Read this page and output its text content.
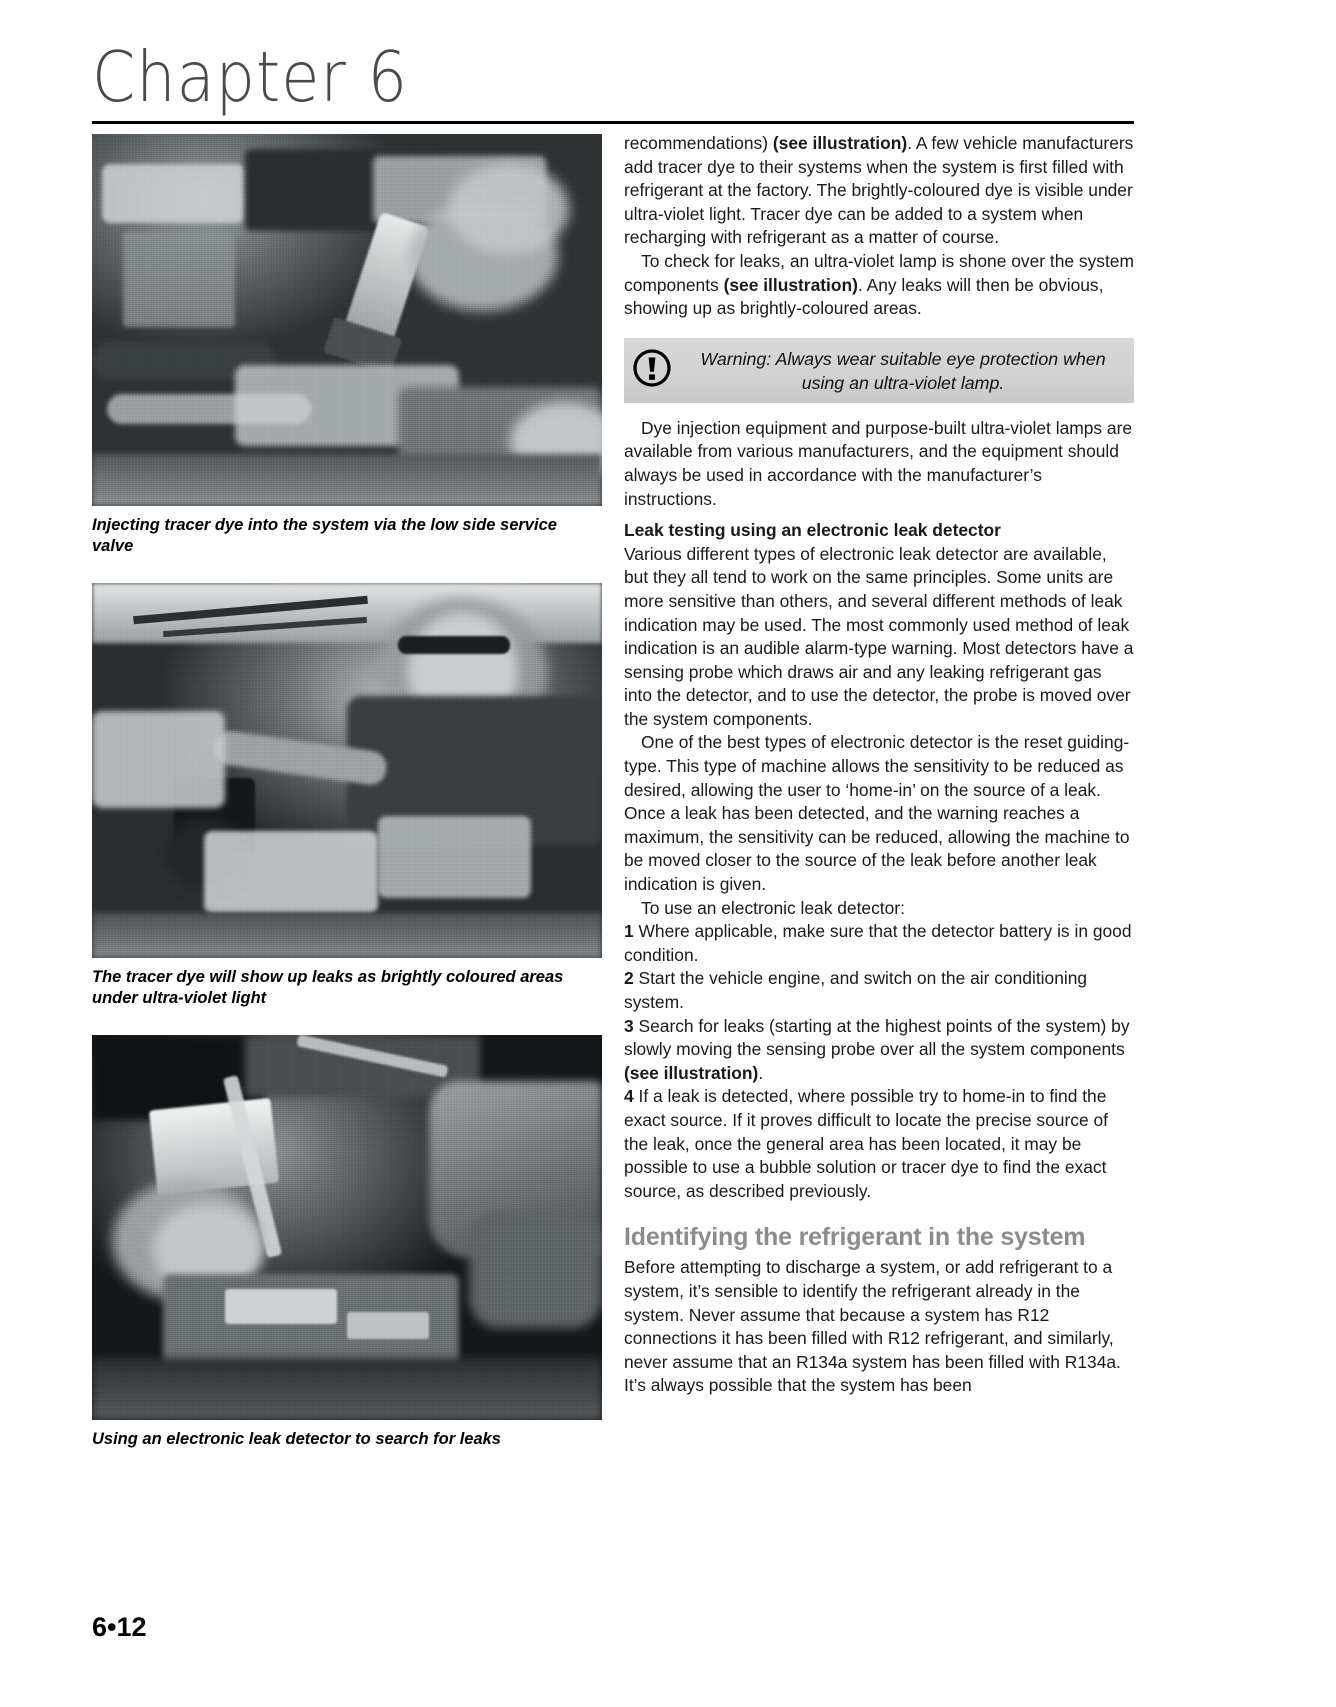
Chapter 6
Injecting tracer dye into the system via the low side service valve
The tracer dye will show up leaks as brightly coloured areas under ultra-violet light
Using an electronic leak detector to search for leaks

recommendations) (see illustration). A few vehicle manufacturers add tracer dye to their systems when the system is first filled with refrigerant at the factory. The brightly-coloured dye is visible under ultra-violet light. Tracer dye can be added to a system when recharging with refrigerant as a matter of course.

To check for leaks, an ultra-violet lamp is shone over the system components (see illustration). Any leaks will then be obvious, showing up as brightly-coloured areas.

Warning: Always wear suitable eye protection when using an ultra-violet lamp.

Dye injection equipment and purpose-built ultra-violet lamps are available from various manufacturers, and the equipment should always be used in accordance with the manufacturer’s instructions.

Leak testing using an electronic leak detector

Various different types of electronic leak detector are available, but they all tend to work on the same principles. Some units are more sensitive than others, and several different methods of leak indication may be used. The most commonly used method of leak indication is an audible alarm-type warning. Most detectors have a sensing probe which draws air and any leaking refrigerant gas into the detector, and to use the detector, the probe is moved over the system components.

One of the best types of electronic detector is the reset guiding-type. This type of machine allows the sensitivity to be reduced as desired, allowing the user to ‘home-in’ on the source of a leak. Once a leak has been detected, and the warning reaches a maximum, the sensitivity can be reduced, allowing the machine to be moved closer to the source of the leak before another leak indication is given.

To use an electronic leak detector:

1 Where applicable, make sure that the detector battery is in good condition.

2 Start the vehicle engine, and switch on the air conditioning system.

3 Search for leaks (starting at the highest points of the system) by slowly moving the sensing probe over all the system components (see illustration).

4 If a leak is detected, where possible try to home-in to find the exact source. If it proves difficult to locate the precise source of the leak, once the general area has been located, it may be possible to use a bubble solution or tracer dye to find the exact source, as described previously.

Identifying the refrigerant in the system

Before attempting to discharge a system, or add refrigerant to a system, it’s sensible to identify the refrigerant already in the system. Never assume that because a system has R12 connections it has been filled with R12 refrigerant, and similarly, never assume that an R134a system has been filled with R134a. It’s always possible that the system has been

6•12
